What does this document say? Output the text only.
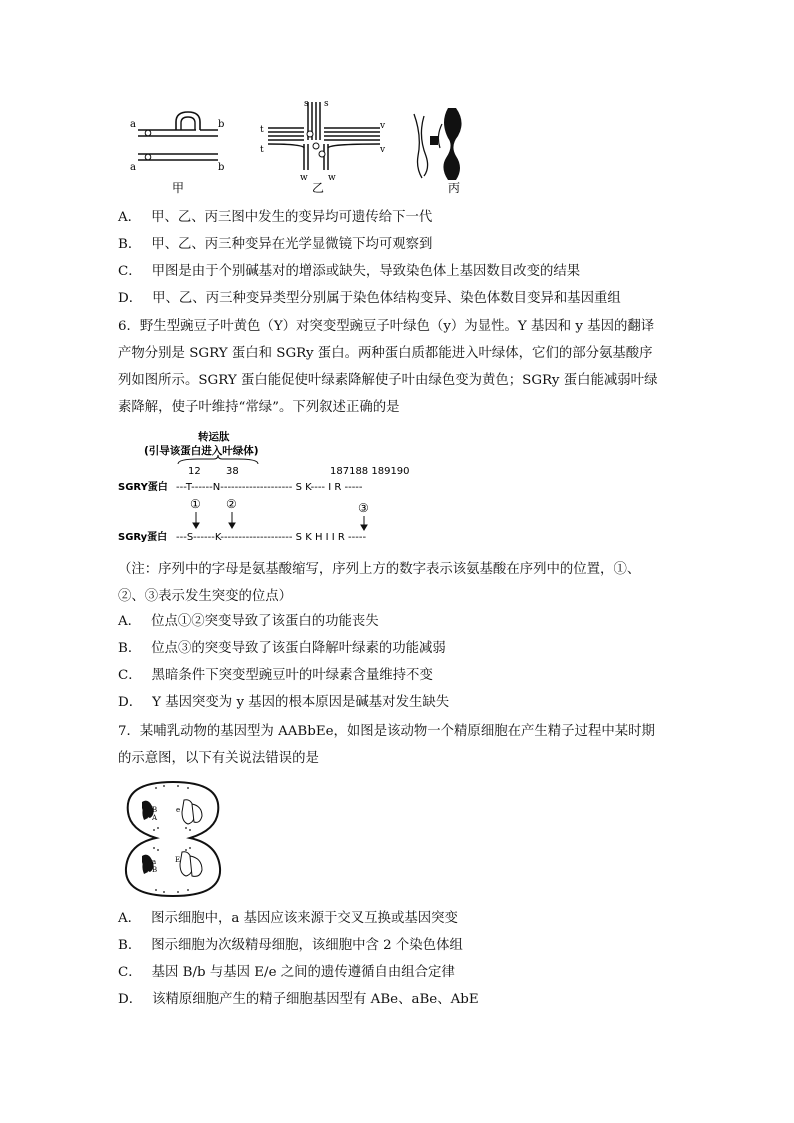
a
a
b
b
甲
s s
t
t
v
v
w w
乙	丙
A． 甲、乙、丙三图中发生的变异均可遗传给下一代
B． 甲、乙、丙三种变异在光学显微镜下均可观察到
C． 甲图是由于个别碱基对的增添或缺失，导致染色体上基因数目改变的结果
D． 甲、乙、丙三种变异类型分别属于染色体结构变异、染色体数目变异和基因重组
6．野生型豌豆子叶黄色（Y）对突变型豌豆子叶绿色（y）为显性。Y 基因和 y 基因的翻译
产物分别是 SGRY 蛋白和 SGRy 蛋白。两种蛋白质都能进入叶绿体，它们的部分氨基酸序
列如图所示。SGRY 蛋白能促使叶绿素降解使子叶由绿色变为黄色；SGRy 蛋白能减弱叶绿
素降解，使子叶维持“常绿”。下列叙述正确的是
转运肽
(引导该蛋白进入叶绿体)
12	38	187188 189190
SGRY蛋白 ---T------N-------------------- S K---- I R -----
① ②	③
SGRy蛋白 ---S------K-------------------- S K H I I R -----
（注：序列中的字母是氨基酸缩写，序列上方的数字表示该氨基酸在序列中的位置，①、
②、③表示发生突变的位点）
A． 位点①②突变导致了该蛋白的功能丧失
B． 位点③的突变导致了该蛋白降解叶绿素的功能减弱
C． 黑暗条件下突变型豌豆叶的叶绿素含量维持不变
D． Y 基因突变为 y 基因的根本原因是碱基对发生缺失
7．某哺乳动物的基因型为 AABbEe，如图是该动物一个精原细胞在产生精子过程中某时期
的示意图，以下有关说法错误的是
B
A
e
a
B
E
A． 图示细胞中，a 基因应该来源于交叉互换或基因突变
B． 图示细胞为次级精母细胞，该细胞中含 2 个染色体组
C． 基因 B/b 与基因 E/e 之间的遗传遵循自由组合定律
D． 该精原细胞产生的精子细胞基因型有 ABe、aBe、AbE
